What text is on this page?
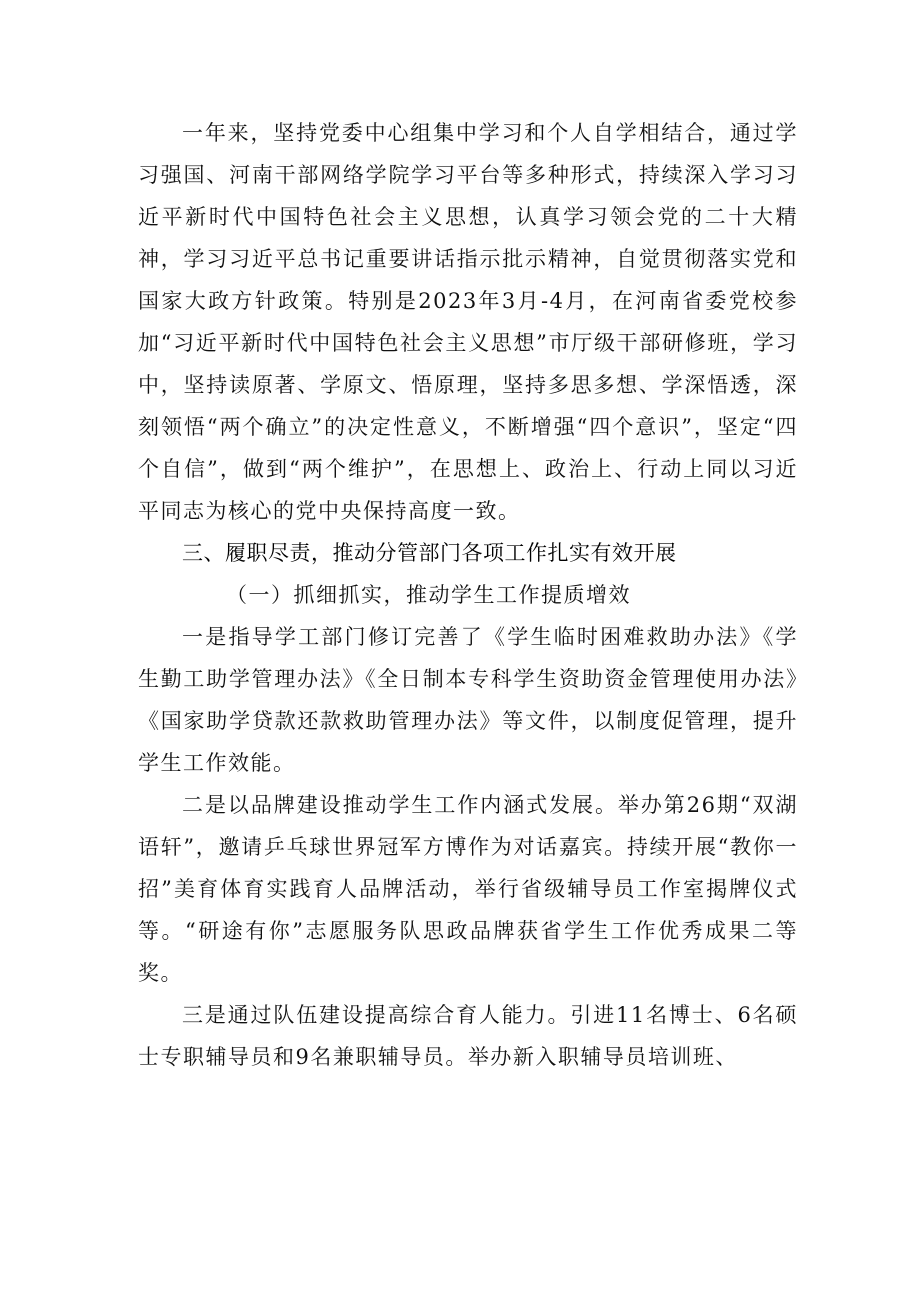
一年来，坚持党委中心组集中学习和个人自学相结合，通过学习强国、河南干部网络学院学习平台等多种形式，持续深入学习习近平新时代中国特色社会主义思想，认真学习领会党的二十大精神，学习习近平总书记重要讲话指示批示精神，自觉贯彻落实党和国家大政方针政策。特别是2023年3月-4月，在河南省委党校参加“习近平新时代中国特色社会主义思想”市厅级干部研修班，学习中，坚持读原著、学原文、悟原理，坚持多思多想、学深悟透，深刻领悟“两个确立”的决定性意义，不断增强“四个意识”，坚定“四个自信”，做到“两个维护”，在思想上、政治上、行动上同以习近平同志为核心的党中央保持高度一致。

三、履职尽责，推动分管部门各项工作扎实有效开展

（一）抓细抓实，推动学生工作提质增效

一是指导学工部门修订完善了《学生临时困难救助办法》《学生勤工助学管理办法》《全日制本专科学生资助资金管理使用办法》《国家助学贷款还款救助管理办法》等文件，以制度促管理，提升学生工作效能。

二是以品牌建设推动学生工作内涵式发展。举办第26期“双湖语轩”，邀请乒乓球世界冠军方博作为对话嘉宾。持续开展“教你一招”美育体育实践育人品牌活动，举行省级辅导员工作室揭牌仪式等。“研途有你”志愿服务队思政品牌获省学生工作优秀成果二等奖。

三是通过队伍建设提高综合育人能力。引进11名博士、6名硕士专职辅导员和9名兼职辅导员。举办新入职辅导员培训班、
